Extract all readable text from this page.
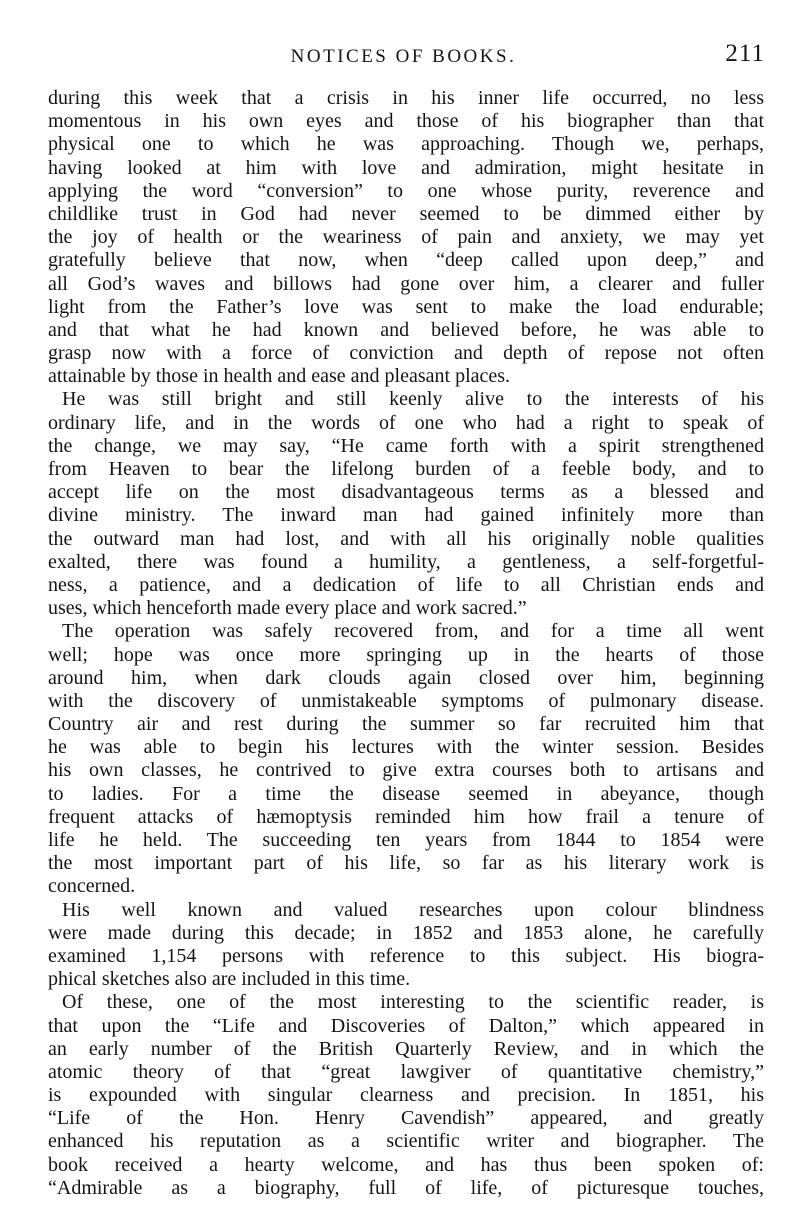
NOTICES OF BOOKS.	211
during this week that a crisis in his inner life occurred, no less
momentous in his own eyes and those of his biographer than that
physical one to which he was approaching. Though we, perhaps,
having looked at him with love and admiration, might hesitate in
applying the word “conversion” to one whose purity, reverence and
childlike trust in God had never seemed to be dimmed either by
the joy of health or the weariness of pain and anxiety, we may yet
gratefully believe that now, when “deep called upon deep,” and
all God’s waves and billows had gone over him, a clearer and fuller
light from the Father’s love was sent to make the load endurable;
and that what he had known and believed before, he was able to
grasp now with a force of conviction and depth of repose not often
attainable by those in health and ease and pleasant places.
He was still bright and still keenly alive to the interests of his
ordinary life, and in the words of one who had a right to speak of
the change, we may say, “He came forth with a spirit strengthened
from Heaven to bear the lifelong burden of a feeble body, and to
accept life on the most disadvantageous terms as a blessed and
divine ministry. The inward man had gained infinitely more than
the outward man had lost, and with all his originally noble qualities
exalted, there was found a humility, a gentleness, a self-forgetful-
ness, a patience, and a dedication of life to all Christian ends and
uses, which henceforth made every place and work sacred.”
The operation was safely recovered from, and for a time all went
well; hope was once more springing up in the hearts of those
around him, when dark clouds again closed over him, beginning
with the discovery of unmistakeable symptoms of pulmonary disease.
Country air and rest during the summer so far recruited him that
he was able to begin his lectures with the winter session. Besides
his own classes, he contrived to give extra courses both to artisans and
to ladies. For a time the disease seemed in abeyance, though
frequent attacks of hæmoptysis reminded him how frail a tenure of
life he held. The succeeding ten years from 1844 to 1854 were
the most important part of his life, so far as his literary work is
concerned.
His well known and valued researches upon colour blindness
were made during this decade; in 1852 and 1853 alone, he carefully
examined 1,154 persons with reference to this subject. His biogra-
phical sketches also are included in this time.
Of these, one of the most interesting to the scientific reader, is
that upon the “Life and Discoveries of Dalton,” which appeared in
an early number of the British Quarterly Review, and in which the
atomic theory of that “great lawgiver of quantitative chemistry,”
is expounded with singular clearness and precision. In 1851, his
“Life of the Hon. Henry Cavendish” appeared, and greatly
enhanced his reputation as a scientific writer and biographer. The
book received a hearty welcome, and has thus been spoken of:
“Admirable as a biography, full of life, of picturesque touches,
